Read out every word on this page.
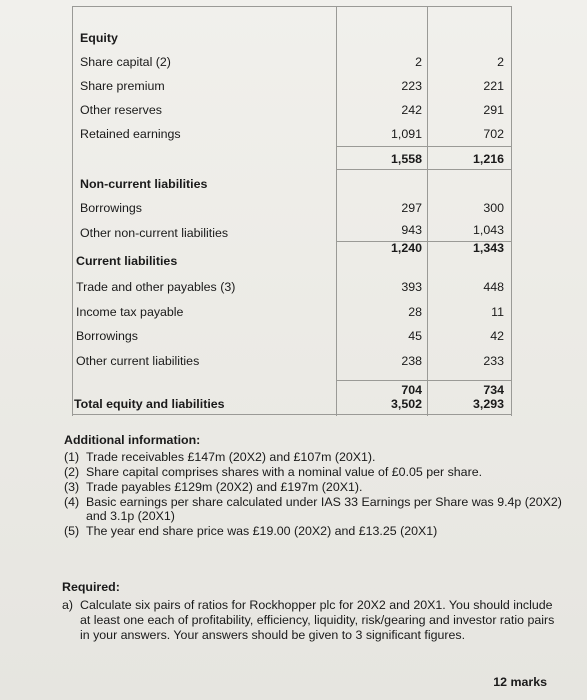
Equity
Share capital (2)	2	2
Share premium	223	221
Other reserves	242	291
Retained earnings	1,091	702
1,558	1,216
Non-current liabilities
Borrowings	297	300
Other non-current liabilities	943	1,043
1,240	1,343
Current liabilities
Trade and other payables (3)	393	448
Income tax payable	28	11
Borrowings	45	42
Other current liabilities	238	233
704	734
Total equity and liabilities	3,502	3,293
Additional information:
(1) Trade receivables £147m (20X2) and £107m (20X1).
(2) Share capital comprises shares with a nominal value of £0.05 per share.
(3) Trade payables £129m (20X2) and £197m (20X1).
(4) Basic earnings per share calculated under IAS 33 Earnings per Share was 9.4p (20X2) and 3.1p (20X1)
(5) The year end share price was £19.00 (20X2) and £13.25 (20X1)
Required:
a) Calculate six pairs of ratios for Rockhopper plc for 20X2 and 20X1. You should include at least one each of profitability, efficiency, liquidity, risk/gearing and investor ratio pairs in your answers. Your answers should be given to 3 significant figures.
12 marks
